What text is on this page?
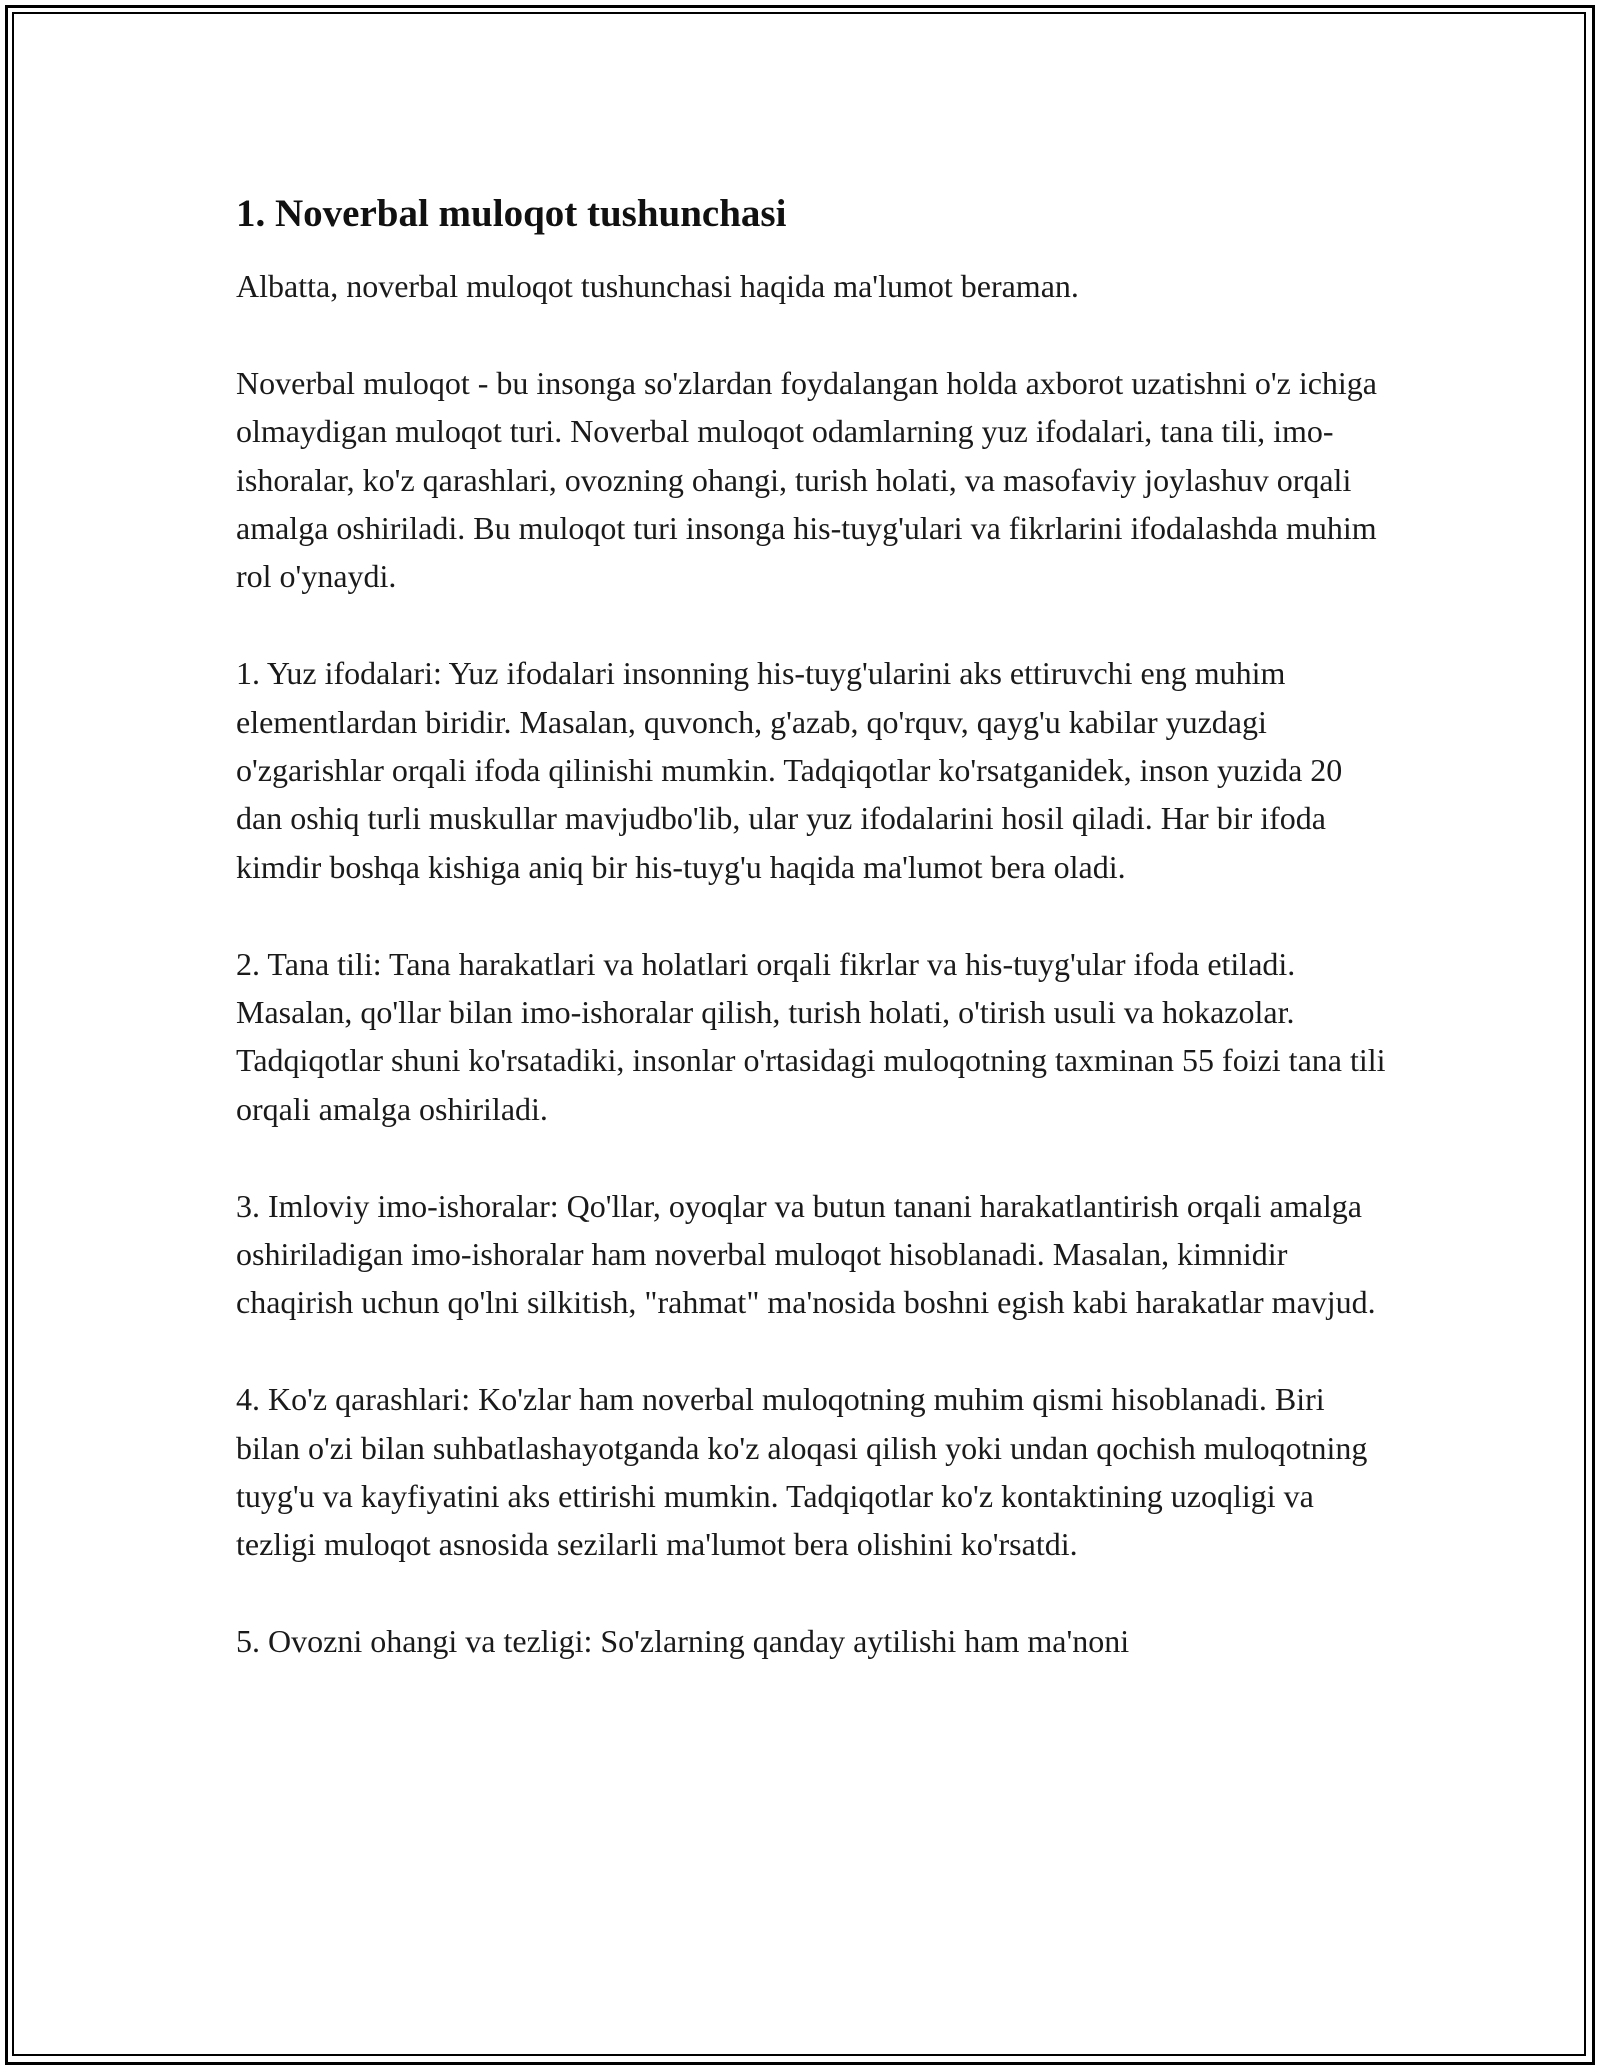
1. Noverbal muloqot tushunchasi

Albatta, noverbal muloqot tushunchasi haqida ma'lumot beraman.

Noverbal muloqot - bu insonga so'zlardan foydalangan holda axborot uzatishni o'z ichiga olmaydigan muloqot turi. Noverbal muloqot odamlarning yuz ifodalari, tana tili, imo-ishoralar, ko'z qarashlari, ovozning ohangi, turish holati, va masofaviy joylashuv orqali amalga oshiriladi. Bu muloqot turi insonga his-tuyg'ulari va fikrlarini ifodalashda muhim rol o'ynaydi.

1. Yuz ifodalari: Yuz ifodalari insonning his-tuyg'ularini aks ettiruvchi eng muhim elementlardan biridir. Masalan, quvonch, g'azab, qo'rquv, qayg'u kabilar yuzdagi o'zgarishlar orqali ifoda qilinishi mumkin. Tadqiqotlar ko'rsatganidek, inson yuzida 20 dan oshiq turli muskullar mavjudbo'lib, ular yuz ifodalarini hosil qiladi. Har bir ifoda kimdir boshqa kishiga aniq bir his-tuyg'u haqida ma'lumot bera oladi.

2. Tana tili: Tana harakatlari va holatlari orqali fikrlar va his-tuyg'ular ifoda etiladi. Masalan, qo'llar bilan imo-ishoralar qilish, turish holati, o'tirish usuli va hokazolar. Tadqiqotlar shuni ko'rsatadiki, insonlar o'rtasidagi muloqotning taxminan 55 foizi tana tili orqali amalga oshiriladi.

3. Imloviy imo-ishoralar: Qo'llar, oyoqlar va butun tanani harakatlantirish orqali amalga oshiriladigan imo-ishoralar ham noverbal muloqot hisoblanadi. Masalan, kimnidir chaqirish uchun qo'lni silkitish, "rahmat" ma'nosida boshni egish kabi harakatlar mavjud.

4. Ko'z qarashlari: Ko'zlar ham noverbal muloqotning muhim qismi hisoblanadi. Biri bilan o'zi bilan suhbatlashayotganda ko'z aloqasi qilish yoki undan qochish muloqotning tuyg'u va kayfiyatini aks ettirishi mumkin. Tadqiqotlar ko'z kontaktining uzoqligi va tezligi muloqot asnosida sezilarli ma'lumot bera olishini ko'rsatdi.

5. Ovozni ohangi va tezligi: So'zlarning qanday aytilishi ham ma'noni
